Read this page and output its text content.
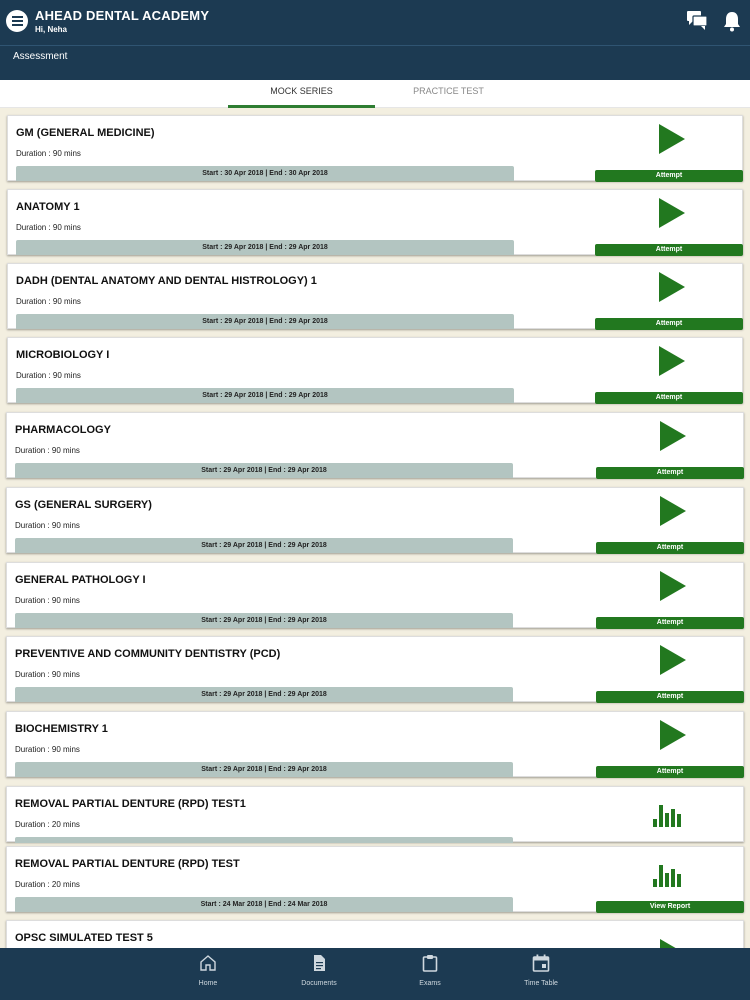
AHEAD DENTAL ACADEMY
Hi, Neha
Assessment
MOCK SERIES	PRACTICE TEST
GM (GENERAL MEDICINE)
Duration : 90 mins
Start : 30 Apr 2018 | End : 30 Apr 2018	Attempt
ANATOMY 1
Duration : 90 mins
Start : 29 Apr 2018 | End : 29 Apr 2018	Attempt
DADH (DENTAL ANATOMY AND DENTAL HISTROLOGY) 1
Duration : 90 mins
Start : 29 Apr 2018 | End : 29 Apr 2018	Attempt
MICROBIOLOGY I
Duration : 90 mins
Start : 29 Apr 2018 | End : 29 Apr 2018	Attempt
PHARMACOLOGY
Duration : 90 mins
Start : 29 Apr 2018 | End : 29 Apr 2018	Attempt
GS (GENERAL SURGERY)
Duration : 90 mins
Start : 29 Apr 2018 | End : 29 Apr 2018	Attempt
GENERAL PATHOLOGY I
Duration : 90 mins
Start : 29 Apr 2018 | End : 29 Apr 2018	Attempt
PREVENTIVE AND COMMUNITY DENTISTRY (PCD)
Duration : 90 mins
Start : 29 Apr 2018 | End : 29 Apr 2018	Attempt
BIOCHEMISTRY 1
Duration : 90 mins
Start : 29 Apr 2018 | End : 29 Apr 2018	Attempt
REMOVAL PARTIAL DENTURE (RPD) TEST1
Duration : 20 mins
REMOVAL PARTIAL DENTURE (RPD) TEST
Duration : 20 mins
Start : 24 Mar 2018 | End : 24 Mar 2018	View Report
OPSC SIMULATED TEST 5
Home	Documents	Exams	Time Table
